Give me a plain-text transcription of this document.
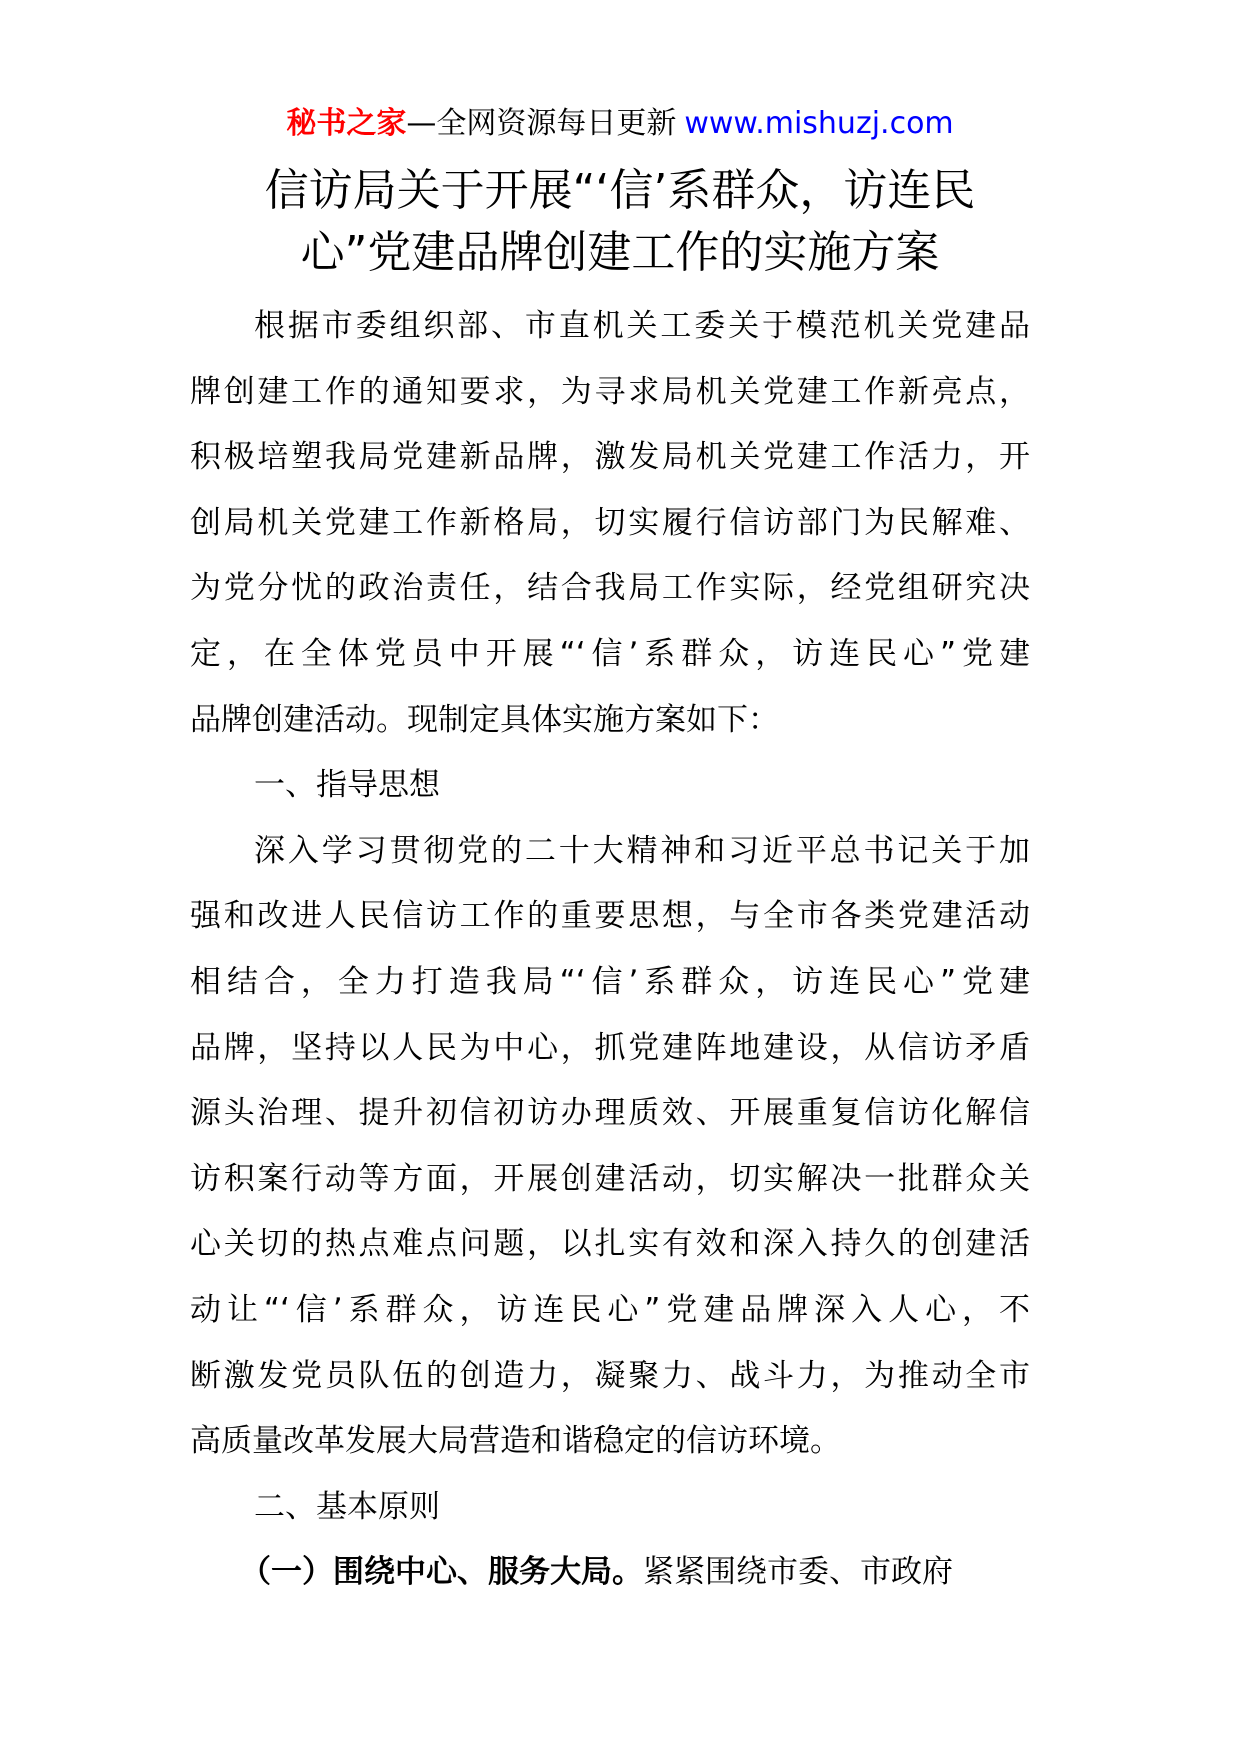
秘书之家—全网资源每日更新 www.mishuzj.com
信访局关于开展“‘信’系群众，访连民
心”党建品牌创建工作的实施方案
根据市委组织部、市直机关工委关于模范机关党建品
牌创建工作的通知要求，为寻求局机关党建工作新亮点，
积极培塑我局党建新品牌，激发局机关党建工作活力，开
创局机关党建工作新格局，切实履行信访部门为民解难、
为党分忧的政治责任，结合我局工作实际，经党组研究决
定，在全体党员中开展“‘信’系群众，访连民心”党建
品牌创建活动。现制定具体实施方案如下：
一、指导思想
深入学习贯彻党的二十大精神和习近平总书记关于加
强和改进人民信访工作的重要思想，与全市各类党建活动
相结合，全力打造我局“‘信’系群众，访连民心”党建
品牌，坚持以人民为中心，抓党建阵地建设，从信访矛盾
源头治理、提升初信初访办理质效、开展重复信访化解信
访积案行动等方面，开展创建活动，切实解决一批群众关
心关切的热点难点问题，以扎实有效和深入持久的创建活
动让“‘信’系群众，访连民心”党建品牌深入人心，不
断激发党员队伍的创造力，凝聚力、战斗力，为推动全市
高质量改革发展大局营造和谐稳定的信访环境。
二、基本原则
（一）围绕中心、服务大局。紧紧围绕市委、市政府
